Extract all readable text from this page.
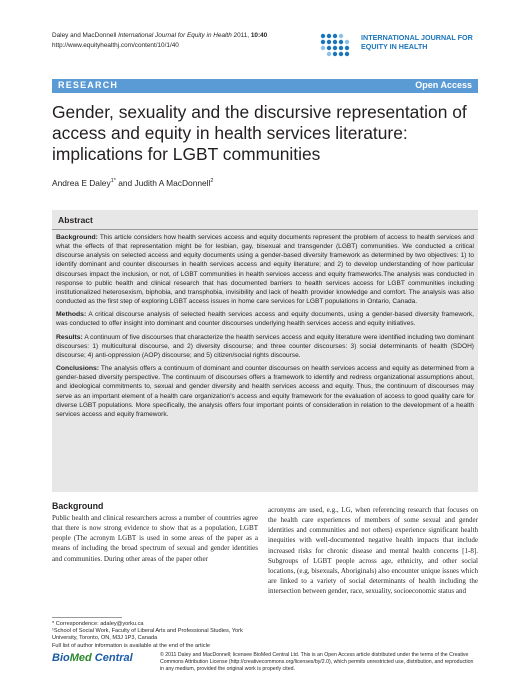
Daley and MacDonnell International Journal for Equity in Health 2011, 10:40
http://www.equityhealthj.com/content/10/1/40
INTERNATIONAL JOURNAL FOR
EQUITY IN HEALTH
RESEARCH	Open Access
Gender, sexuality and the discursive representation of access and equity in health services literature: implications for LGBT communities
Andrea E Daley$^{1*}$ and Judith A MacDonnell$^2$
Abstract

Background: This article considers how health services access and equity documents represent the problem of access to health services and what the effects of that representation might be for lesbian, gay, bisexual and transgender (LGBT) communities. We conducted a critical discourse analysis on selected access and equity documents using a gender-based diversity framework as determined by two objectives: 1) to identify dominant and counter discourses in health services access and equity literature; and 2) to develop understanding of how particular discourses impact the inclusion, or not, of LGBT communities in health services access and equity frameworks.The analysis was conducted in response to public health and clinical research that has documented barriers to health services access for LGBT communities including institutionalized heterosexism, biphobia, and transphobia, invisibility and lack of health provider knowledge and comfort. The analysis was also conducted as the first step of exploring LGBT access issues in home care services for LGBT populations in Ontario, Canada.

Methods: A critical discourse analysis of selected health services access and equity documents, using a gender-based diversity framework, was conducted to offer insight into dominant and counter discourses underlying health services access and equity initiatives.

Results: A continuum of five discourses that characterize the health services access and equity literature were identified including two dominant discourses: 1) multicultural discourse, and 2) diversity discourse; and three counter discourses: 3) social determinants of health (SDOH) discourse; 4) anti-oppression (AOP) discourse; and 5) citizen/social rights discourse.

Conclusions: The analysis offers a continuum of dominant and counter discourses on health services access and equity as determined from a gender-based diversity perspective. The continuum of discourses offers a framework to identify and redress organizational assumptions about, and ideological commitments to, sexual and gender diversity and health services access and equity. Thus, the continuum of discourses may serve as an important element of a health care organization's access and equity framework for the evaluation of access to good quality care for diverse LGBT populations. More specifically, the analysis offers four important points of consideration in relation to the development of a health services access and equity framework.

Background
Public health and clinical researchers across a number of countries agree that there is now strong evidence to show that as a population, LGBT people (The acronym LGBT is used in some areas of the paper as a means of including the broad spectrum of sexual and gender identities and communities. During other areas of the paper other
acronyms are used, e.g., LG, when referencing research that focuses on the health care experiences of members of some sexual and gender identities and communities and not others) experience significant health inequities with well-documented negative health impacts that include increased risks for chronic disease and mental health concerns [1-8]. Subgroups of LGBT people across age, ethnicity, and other social locations, (e.g, bisexuals, Aboriginals) also encounter unique issues which are linked to a variety of social determinants of health including the intersection between gender, race, sexuality, socioeconomic status and
* Correspondence: adaley@yorku.ca
¹School of Social Work, Faculty of Liberal Arts and Professional Studies, York University, Toronto, ON, M3J 1P3, Canada
Full list of author information is available at the end of the article
BioMed Central	© 2011 Daley and MacDonnell; licensee BioMed Central Ltd. This is an Open Access article distributed under the terms of the Creative Commons Attribution License (http://creativecommons.org/licenses/by/2.0), which permits unrestricted use, distribution, and reproduction in any medium, provided the original work is properly cited.
